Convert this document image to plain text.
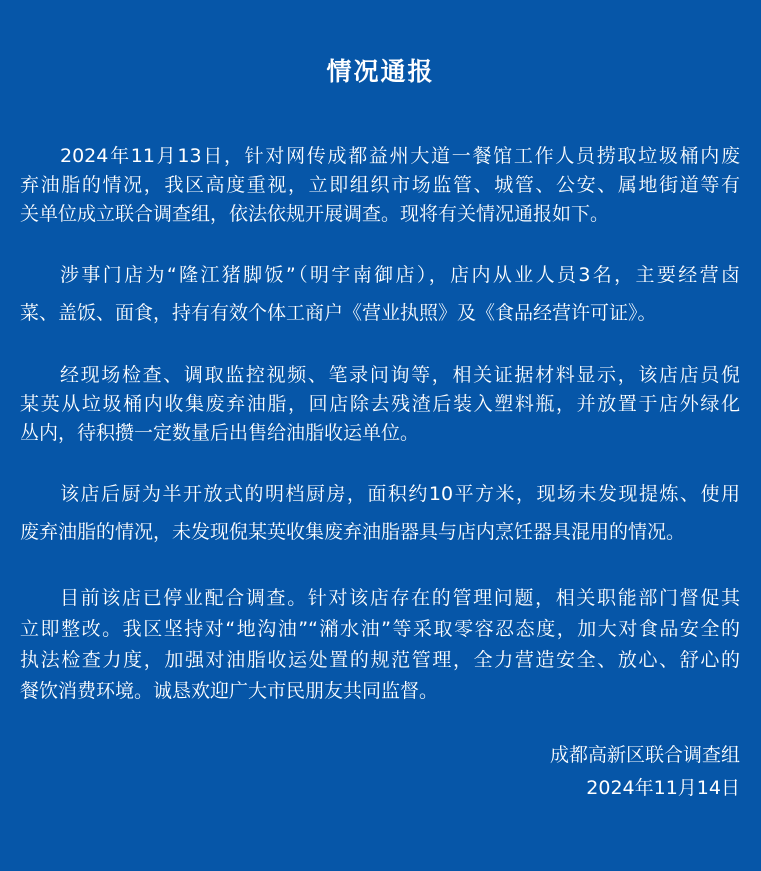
情况通报
2024年11月13日，针对网传成都益州大道一餐馆工作人员捞取垃圾桶内废
弃油脂的情况，我区高度重视，立即组织市场监管、城管、公安、属地街道等有
关单位成立联合调查组，依法依规开展调查。现将有关情况通报如下。
涉事门店为“隆江猪脚饭”（明宇南御店），店内从业人员3名，主要经营卤
菜、盖饭、面食，持有有效个体工商户《营业执照》及《食品经营许可证》。
经现场检查、调取监控视频、笔录问询等，相关证据材料显示，该店店员倪
某英从垃圾桶内收集废弃油脂，回店除去残渣后装入塑料瓶，并放置于店外绿化
丛内，待积攒一定数量后出售给油脂收运单位。
该店后厨为半开放式的明档厨房，面积约10平方米，现场未发现提炼、使用
废弃油脂的情况，未发现倪某英收集废弃油脂器具与店内烹饪器具混用的情况。
目前该店已停业配合调查。针对该店存在的管理问题，相关职能部门督促其
立即整改。我区坚持对“地沟油”“潲水油”等采取零容忍态度，加大对食品安全的
执法检查力度，加强对油脂收运处置的规范管理，全力营造安全、放心、舒心的
餐饮消费环境。诚恳欢迎广大市民朋友共同监督。
成都高新区联合调查组
2024年11月14日
